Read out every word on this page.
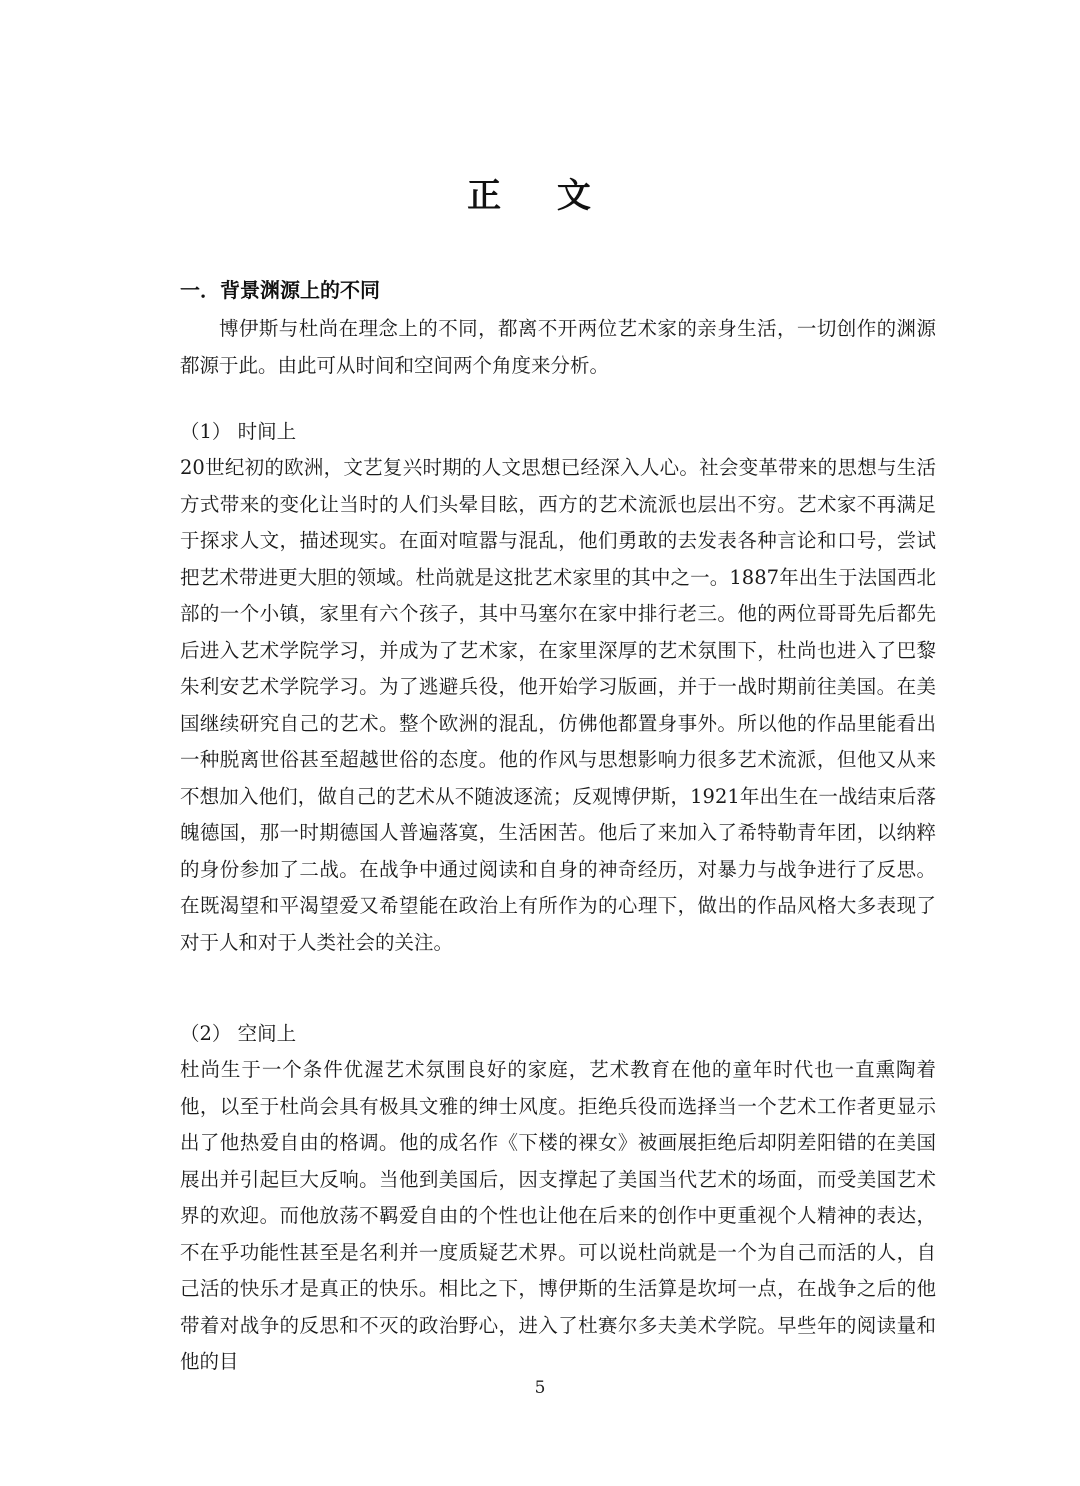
正 文
一．背景渊源上的不同

博伊斯与杜尚在理念上的不同，都离不开两位艺术家的亲身生活，一切创作的渊源都源于此。由此可从时间和空间两个角度来分析。

（1） 时间上

20世纪初的欧洲，文艺复兴时期的人文思想已经深入人心。社会变革带来的思想与生活方式带来的变化让当时的人们头晕目眩，西方的艺术流派也层出不穷。艺术家不再满足于探求人文，描述现实。在面对喧嚣与混乱，他们勇敢的去发表各种言论和口号，尝试把艺术带进更大胆的领域。杜尚就是这批艺术家里的其中之一。1887年出生于法国西北部的一个小镇，家里有六个孩子，其中马塞尔在家中排行老三。他的两位哥哥先后都先后进入艺术学院学习，并成为了艺术家，在家里深厚的艺术氛围下，杜尚也进入了巴黎朱利安艺术学院学习。为了逃避兵役，他开始学习版画，并于一战时期前往美国。在美国继续研究自己的艺术。整个欧洲的混乱，仿佛他都置身事外。所以他的作品里能看出一种脱离世俗甚至超越世俗的态度。他的作风与思想影响力很多艺术流派，但他又从来不想加入他们，做自己的艺术从不随波逐流；反观博伊斯，1921年出生在一战结束后落魄德国，那一时期德国人普遍落寞，生活困苦。他后了来加入了希特勒青年团，以纳粹的身份参加了二战。在战争中通过阅读和自身的神奇经历，对暴力与战争进行了反思。在既渴望和平渴望爱又希望能在政治上有所作为的心理下，做出的作品风格大多表现了对于人和对于人类社会的关注。

（2） 空间上

杜尚生于一个条件优渥艺术氛围良好的家庭，艺术教育在他的童年时代也一直熏陶着他，以至于杜尚会具有极具文雅的绅士风度。拒绝兵役而选择当一个艺术工作者更显示出了他热爱自由的格调。他的成名作《下楼的裸女》被画展拒绝后却阴差阳错的在美国展出并引起巨大反响。当他到美国后，因支撑起了美国当代艺术的场面，而受美国艺术界的欢迎。而他放荡不羁爱自由的个性也让他在后来的创作中更重视个人精神的表达，不在乎功能性甚至是名利并一度质疑艺术界。可以说杜尚就是一个为自己而活的人，自己活的快乐才是真正的快乐。相比之下，博伊斯的生活算是坎坷一点，在战争之后的他带着对战争的反思和不灭的政治野心，进入了杜赛尔多夫美术学院。早些年的阅读量和他的目

5
